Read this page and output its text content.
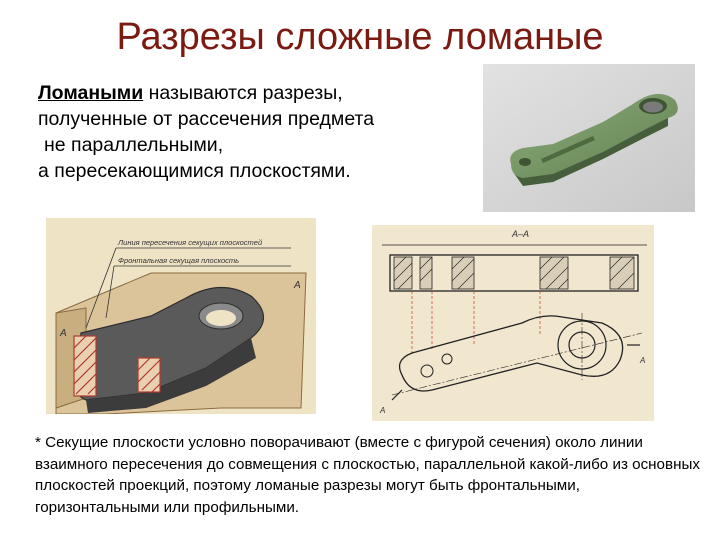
Разрезы сложные ломаные
Ломаными называются разрезы,
полученные от рассечения предмета
не параллельными,
а пересекающимися плоскостями.
Линия пересечения секущих плоскостей
Фронтальная секущая плоскость
А
А
А–А
А
А
* Секущие плоскости условно поворачивают (вместе с фигурой сечения) около линии взаимного пересечения до совмещения с плоскостью, параллельной какой-либо из основных плоскостей проекций, поэтому ломаные разрезы могут быть фронтальными, горизонтальными или профильными.
